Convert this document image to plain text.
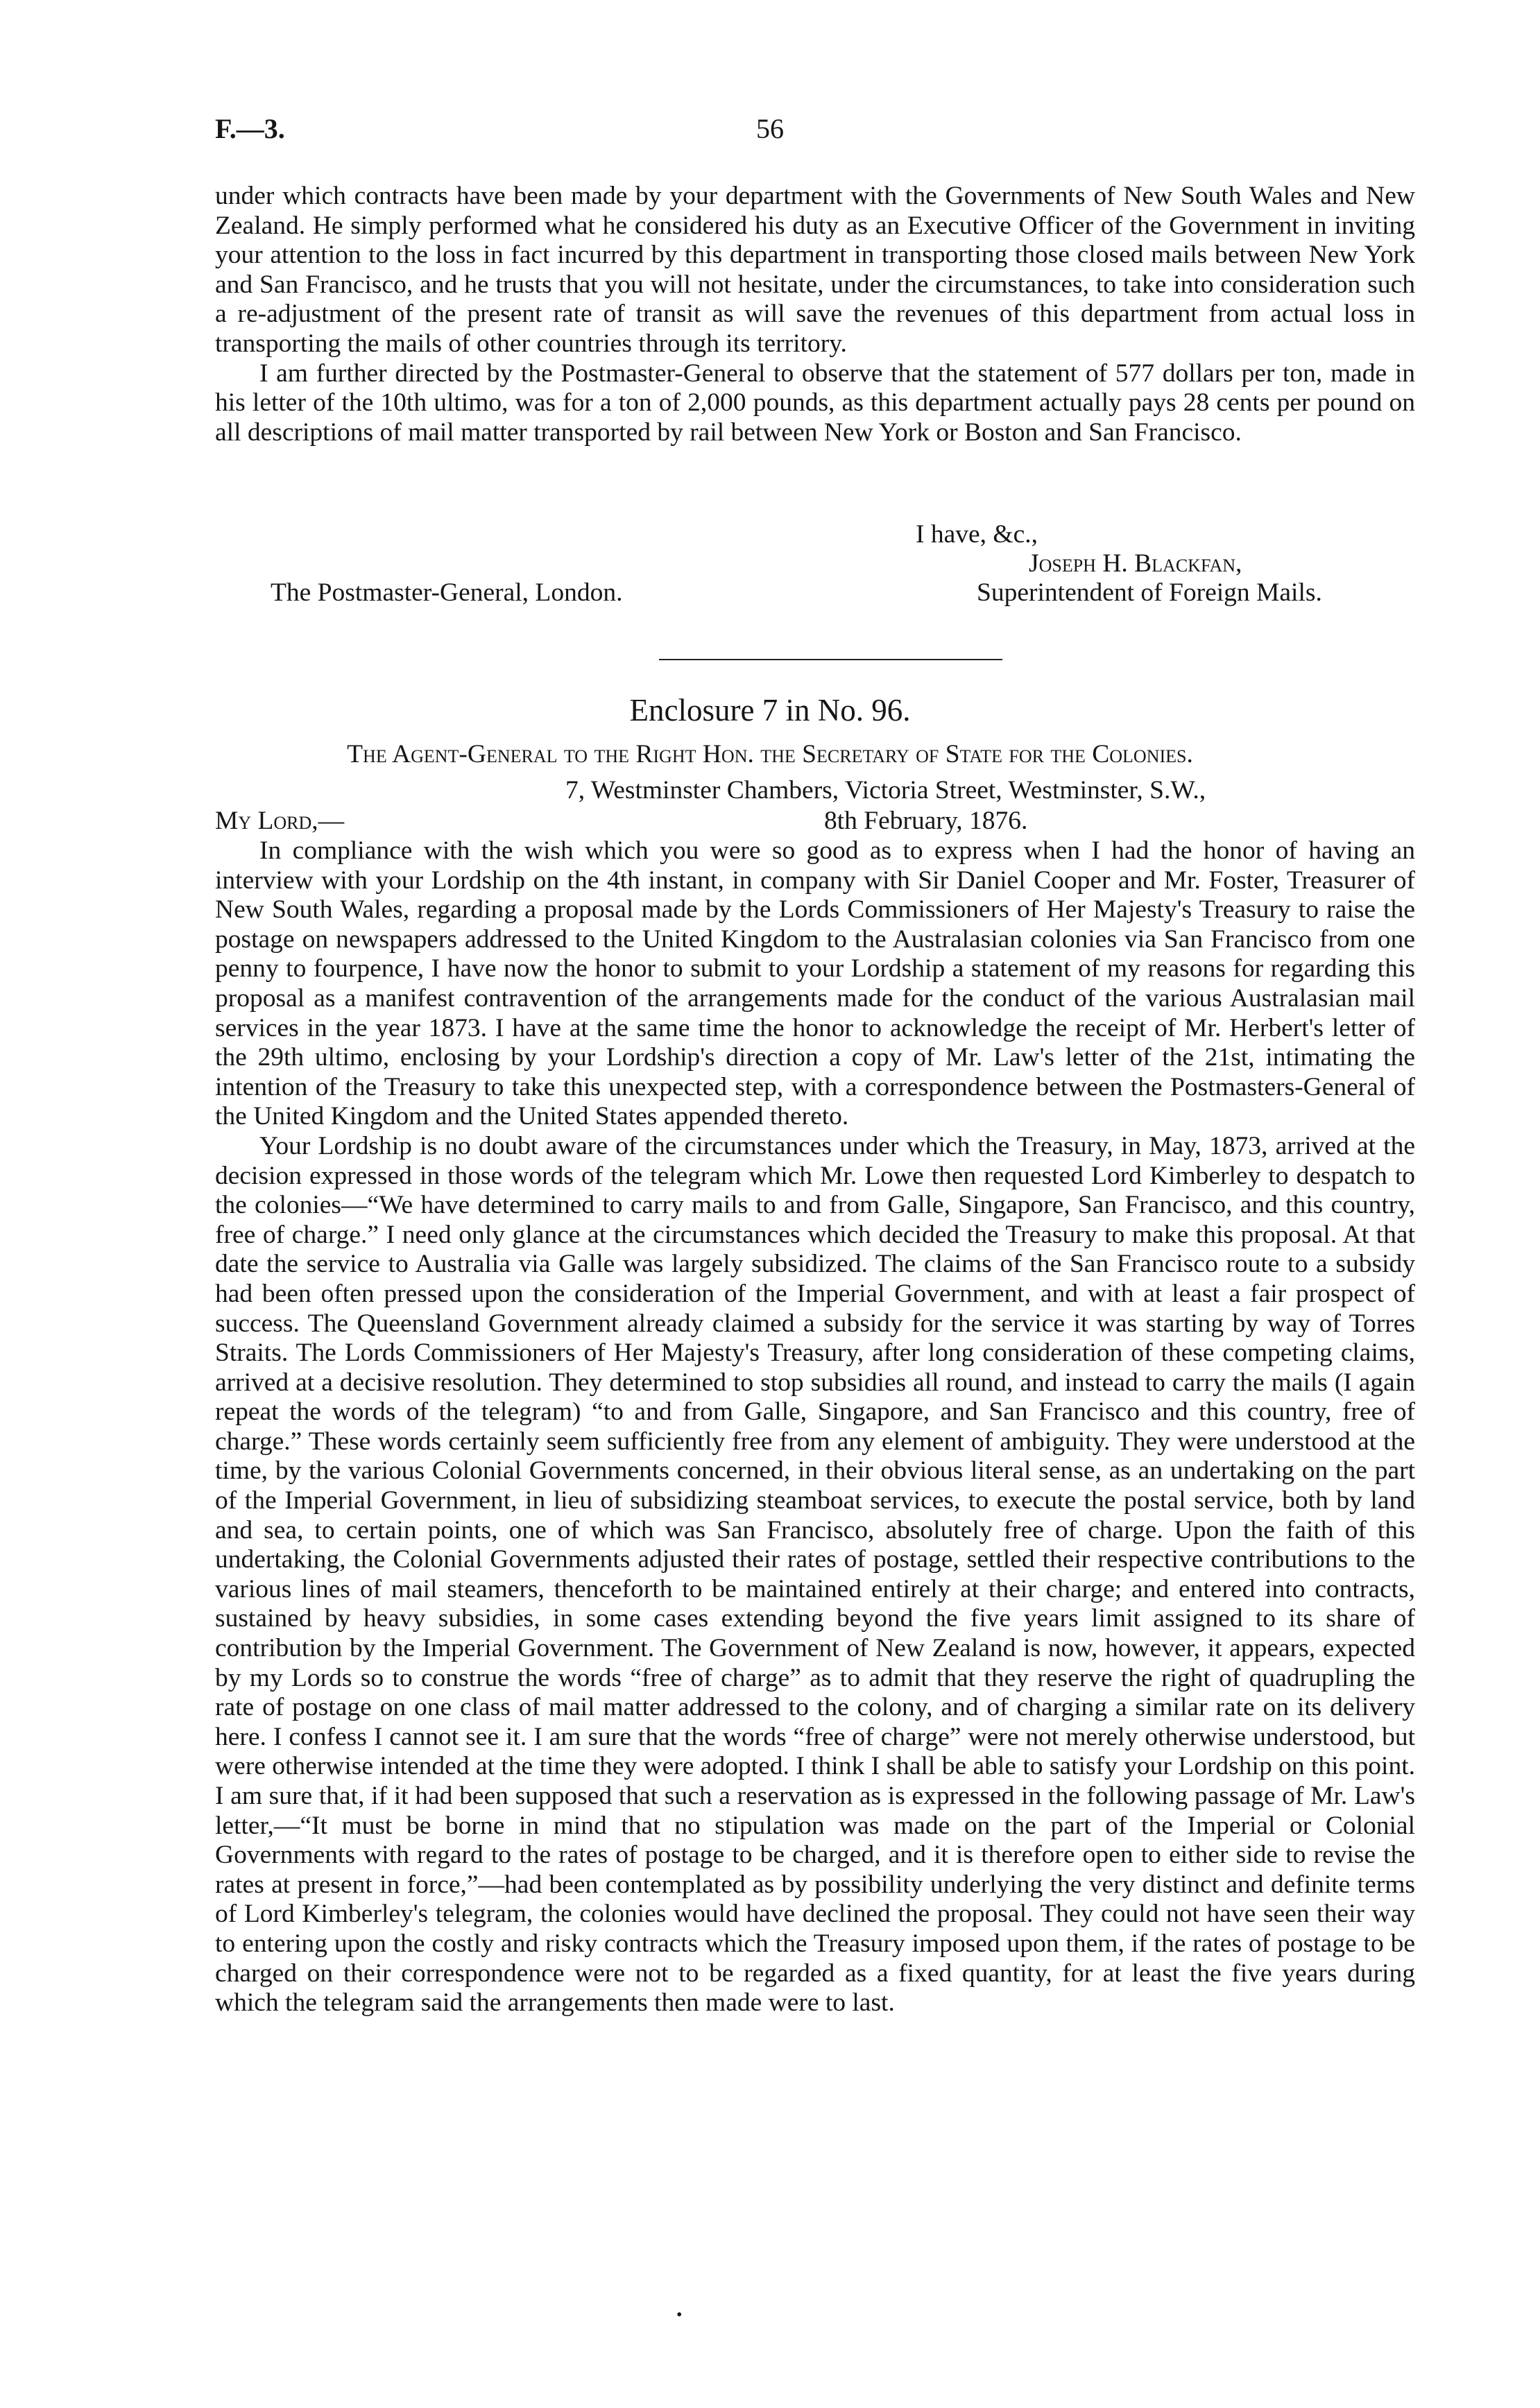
F.—3.	56

under which contracts have been made by your department with the Governments of New South Wales and New Zealand. He simply performed what he considered his duty as an Executive Officer of the Government in inviting your attention to the loss in fact incurred by this department in transporting those closed mails between New York and San Francisco, and he trusts that you will not hesitate, under the circumstances, to take into consideration such a re-adjustment of the present rate of transit as will save the revenues of this department from actual loss in transporting the mails of other countries through its territory.

I am further directed by the Postmaster-General to observe that the statement of 577 dollars per ton, made in his letter of the 10th ultimo, was for a ton of 2,000 pounds, as this department actually pays 28 cents per pound on all descriptions of mail matter transported by rail between New York or Boston and San Francisco.

I have, &c.,
Joseph H. Blackfan,
The Postmaster-General, London.	Superintendent of Foreign Mails.
Enclosure 7 in No. 96.
The Agent-General to the Right Hon. the Secretary of State for the Colonies.
7, Westminster Chambers, Victoria Street, Westminster, S.W.,
My Lord,—	8th February, 1876.

In compliance with the wish which you were so good as to express when I had the honor of having an interview with your Lordship on the 4th instant, in company with Sir Daniel Cooper and Mr. Foster, Treasurer of New South Wales, regarding a proposal made by the Lords Commissioners of Her Majesty's Treasury to raise the postage on newspapers addressed to the United Kingdom to the Australasian colonies via San Francisco from one penny to fourpence, I have now the honor to submit to your Lordship a statement of my reasons for regarding this proposal as a manifest contravention of the arrangements made for the conduct of the various Australasian mail services in the year 1873. I have at the same time the honor to acknowledge the receipt of Mr. Herbert's letter of the 29th ultimo, enclosing by your Lordship's direction a copy of Mr. Law's letter of the 21st, intimating the intention of the Treasury to take this unexpected step, with a correspondence between the Postmasters-General of the United Kingdom and the United States appended thereto.

Your Lordship is no doubt aware of the circumstances under which the Treasury, in May, 1873, arrived at the decision expressed in those words of the telegram which Mr. Lowe then requested Lord Kimberley to despatch to the colonies—“We have determined to carry mails to and from Galle, Singapore, San Francisco, and this country, free of charge.” I need only glance at the circumstances which decided the Treasury to make this proposal. At that date the service to Australia via Galle was largely subsidized. The claims of the San Francisco route to a subsidy had been often pressed upon the consideration of the Imperial Government, and with at least a fair prospect of success. The Queensland Government already claimed a subsidy for the service it was starting by way of Torres Straits. The Lords Commissioners of Her Majesty's Treasury, after long consideration of these competing claims, arrived at a decisive resolution. They determined to stop subsidies all round, and instead to carry the mails (I again repeat the words of the telegram) “to and from Galle, Singapore, and San Francisco and this country, free of charge.” These words certainly seem sufficiently free from any element of ambiguity. They were understood at the time, by the various Colonial Governments concerned, in their obvious literal sense, as an undertaking on the part of the Imperial Government, in lieu of subsidizing steamboat services, to execute the postal service, both by land and sea, to certain points, one of which was San Francisco, absolutely free of charge. Upon the faith of this undertaking, the Colonial Governments adjusted their rates of postage, settled their respective contributions to the various lines of mail steamers, thenceforth to be maintained entirely at their charge; and entered into contracts, sustained by heavy subsidies, in some cases extending beyond the five years limit assigned to its share of contribution by the Imperial Government. The Government of New Zealand is now, however, it appears, expected by my Lords so to construe the words “free of charge” as to admit that they reserve the right of quadrupling the rate of postage on one class of mail matter addressed to the colony, and of charging a similar rate on its delivery here. I confess I cannot see it. I am sure that the words “free of charge” were not merely otherwise understood, but were otherwise intended at the time they were adopted. I think I shall be able to satisfy your Lordship on this point. I am sure that, if it had been supposed that such a reservation as is expressed in the following passage of Mr. Law's letter,—“It must be borne in mind that no stipulation was made on the part of the Imperial or Colonial Governments with regard to the rates of postage to be charged, and it is therefore open to either side to revise the rates at present in force,”—had been contemplated as by possibility underlying the very distinct and definite terms of Lord Kimberley's telegram, the colonies would have declined the proposal. They could not have seen their way to entering upon the costly and risky contracts which the Treasury imposed upon them, if the rates of postage to be charged on their correspondence were not to be regarded as a fixed quantity, for at least the five years during which the telegram said the arrangements then made were to last.

•
